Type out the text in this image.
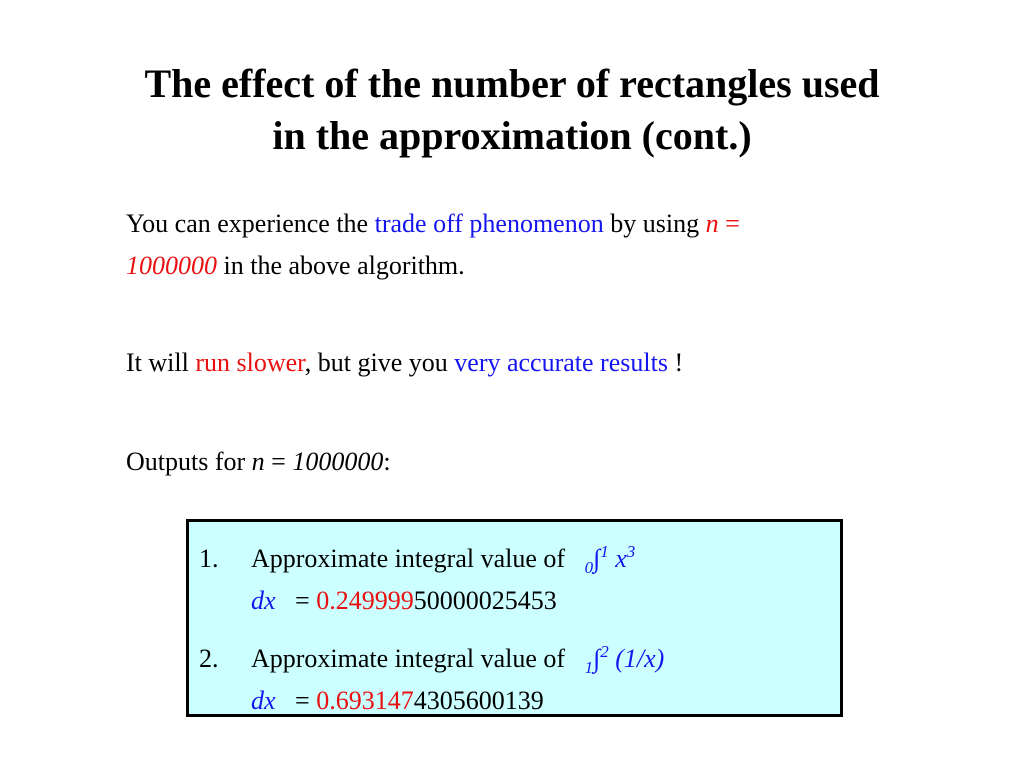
The effect of the number of rectangles used
in the approximation (cont.)
You can experience the trade off phenomenon by using n =
1000000 in the above algorithm.
It will run slower, but give you very accurate results !
Outputs for n = 1000000:
1. Approximate integral value of $_0$∫$^1$ $x^3$
dx = 0.24999950000025453
2. Approximate integral value of $_1$∫$^2$ (1/x)
dx = 0.6931474305600139
